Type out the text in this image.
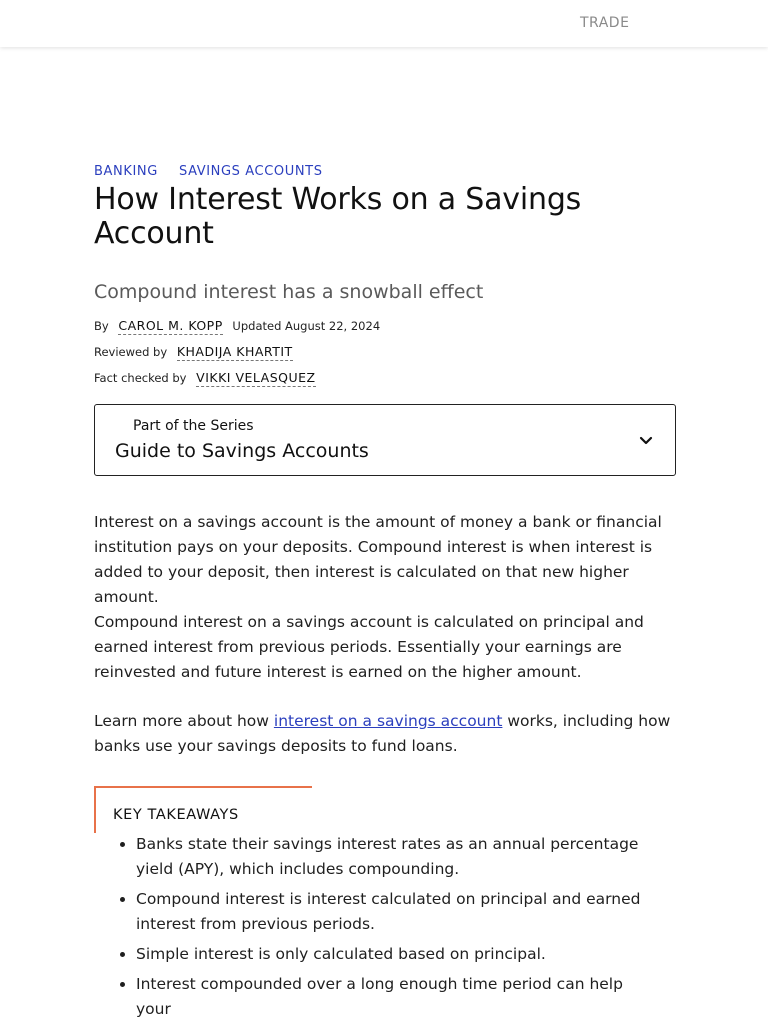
TRADE
BANKING SAVINGS ACCOUNTS
How Interest Works on a Savings Account
Compound interest has a snowball effect
By CAROL M. KOPP Updated August 22, 2024
Reviewed by KHADIJA KHARTIT
Fact checked by VIKKI VELASQUEZ
Part of the Series
Guide to Savings Accounts

Interest on a savings account is the amount of money a bank or financial institution pays on your deposits. Compound interest is when interest is added to your deposit, then interest is calculated on that new higher amount.

Compound interest on a savings account is calculated on principal and earned interest from previous periods. Essentially your earnings are reinvested and future interest is earned on the higher amount.

Learn more about how interest on a savings account works, including how banks use your savings deposits to fund loans.

KEY TAKEAWAYS
Banks state their savings interest rates as an annual percentage yield (APY), which includes compounding.
Compound interest is interest calculated on principal and earned interest from previous periods.
Simple interest is only calculated based on principal.
Interest compounded over a long enough time period can help your
